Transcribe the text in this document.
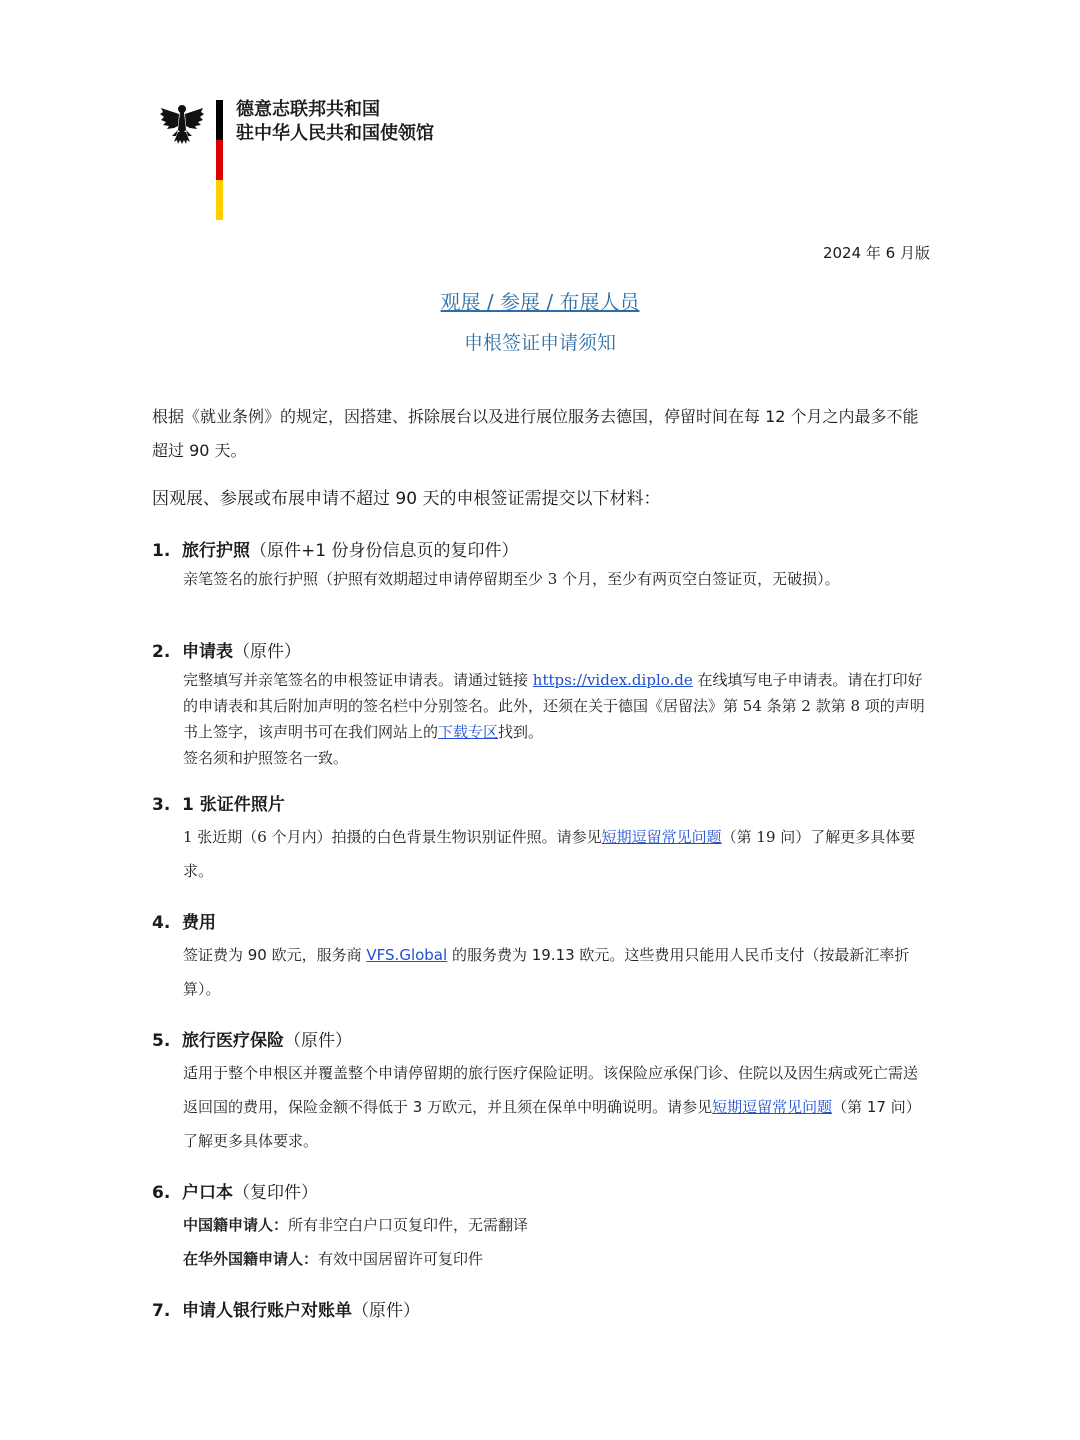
德意志联邦共和国
驻中华人民共和国使领馆
2024 年 6 月版
观展 / 参展 / 布展人员
申根签证申请须知
根据《就业条例》的规定，因搭建、拆除展台以及进行展位服务去德国，停留时间在每 12 个月之内最多不能超过 90 天。
因观展、参展或布展申请不超过 90 天的申根签证需提交以下材料：
1. 旅行护照（原件+1 份身份信息页的复印件）
亲笔签名的旅行护照（护照有效期超过申请停留期至少 3 个月，至少有两页空白签证页，无破损）。
2. 申请表（原件）
完整填写并亲笔签名的申根签证申请表。请通过链接 https://videx.diplo.de 在线填写电子申请表。请在打印好的申请表和其后附加声明的签名栏中分别签名。此外，还须在关于德国《居留法》第 54 条第 2 款第 8 项的声明书上签字，该声明书可在我们网站上的下载专区找到。
签名须和护照签名一致。
3. 1 张证件照片
1 张近期（6 个月内）拍摄的白色背景生物识别证件照。请参见短期逗留常见问题（第 19 问）了解更多具体要求。
4. 费用
签证费为 90 欧元，服务商 VFS.Global 的服务费为 19.13 欧元。这些费用只能用人民币支付（按最新汇率折算）。
5. 旅行医疗保险（原件）
适用于整个申根区并覆盖整个申请停留期的旅行医疗保险证明。该保险应承保门诊、住院以及因生病或死亡需送返回国的费用，保险金额不得低于 3 万欧元，并且须在保单中明确说明。请参见短期逗留常见问题（第 17 问）了解更多具体要求。
6. 户口本（复印件）
中国籍申请人：所有非空白户口页复印件，无需翻译
在华外国籍申请人：有效中国居留许可复印件
7. 申请人银行账户对账单（原件）
